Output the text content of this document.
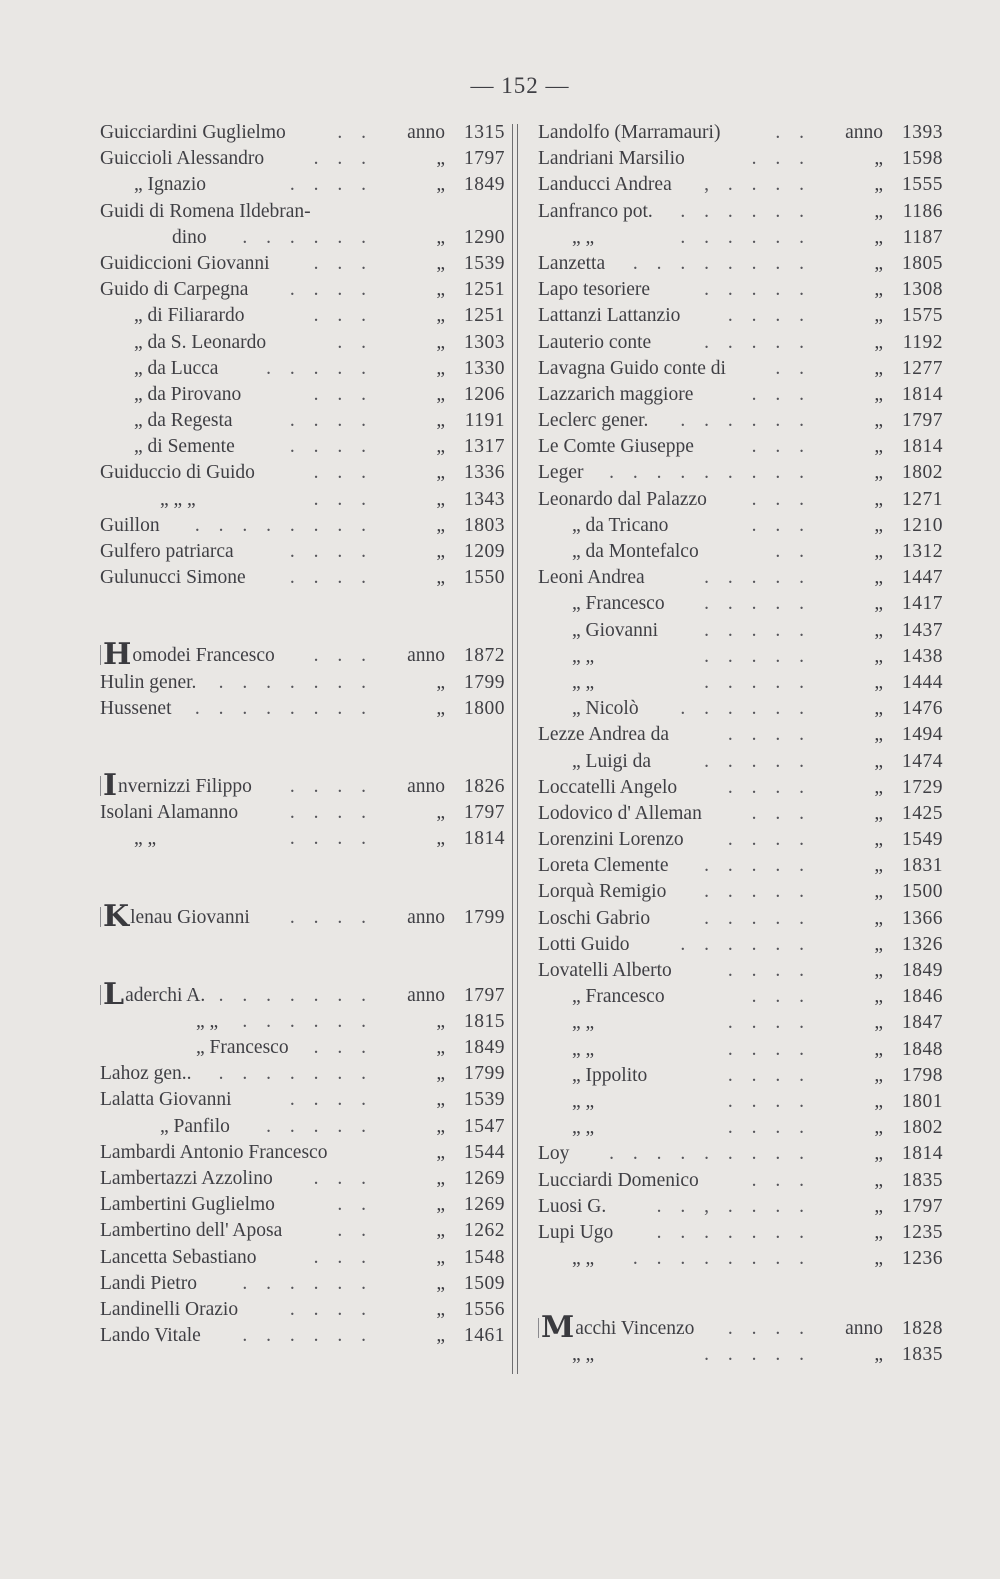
— 152 —
Guicciardini Guglielmo	. . anno 1315
Guiccioli Alessandro	. . .	„ 1797
„ Ignazio	. . . .	„ 1849
Guidi di Romena Ildebran-
dino . . . . . .	„ 1290
Guidiccioni Giovanni . . .	„ 1539
Guido di Carpegna . . . .	„ 1251
„ di Filiarardo	. . .	„ 1251
„ da S. Leonardo	. .	„ 1303
„ da Lucca . . . . .	„ 1330
„ da Pirovano	. . .	„ 1206
„ da Regesta	. . . .	„ 1191
„ di Semente	. . . .	„ 1317
Guiduccio di Guido	. . .	„ 1336
„ „ „	. . .	„ 1343
Guillon . . . . . . . .	„ 1803
Gulfero patriarca	. . . .	„ 1209
Gulunucci Simone . . . .	„ 1550
Homodei Francesco . . . anno 1872
Hulin gener. . . . . . . .	„ 1799
Hussenet . . . . . . . .	„ 1800
Invernizzi Filippo . . . . anno 1826
Isolani Alamanno	. . . .	„ 1797
„ „	. . . .	„ 1814
Klenau Giovanni . . . . anno 1799
Laderchi A. . . . . . . . anno 1797
„ „ . . . . . .	„ 1815
„ Francesco . . .	„ 1849
Lahoz gen.. . . . . . . .	„ 1799
Lalatta Giovanni	. . . .	„ 1539
„ Panfilo . . . . .	„ 1547
Lambardi Antonio Francesco	„ 1544
Lambertazzi Azzolino . . .	„ 1269
Lambertini Guglielmo	. .	„ 1269
Lambertino dell' Aposa	. .	„ 1262
Lancetta Sebastiano	. . .	„ 1548
Landi Pietro . . . . . .	„ 1509
Landinelli Orazio	. . . .	„ 1556
Lando Vitale . . . . . .	„ 1461
Landolfo (Marramauri)	. . anno 1393
Landriani Marsilio	. . .	„ 1598
Landucci Andrea , . . . .	„ 1555
Lanfranco pot. . . . . . .	„ 1186
„ „	. . . . . .	„ 1187
Lanzetta . . . . . . . .	„ 1805
Lapo tesoriere	. . . . .	„ 1308
Lattanzi Lattanzio . . . .	„ 1575
Lauterio conte	. . . . .	„ 1192
Lavagna Guido conte di	. .	„ 1277
Lazzarich maggiore	. . .	„ 1814
Leclerc gener. . . . . . .	„ 1797
Le Comte Giuseppe	. . .	„ 1814
Leger . . . . . . . . .	„ 1802
Leonardo dal Palazzo . . .	„ 1271
„ da Tricano	. . .	„ 1210
„ da Montefalco	. .	„ 1312
Leoni Andrea	. . . . .	„ 1447
„ Francesco . . . . .	„ 1417
„ Giovanni . . . . .	„ 1437
„ „	. . . . .	„ 1438
„ „	. . . . .	„ 1444
„ Nicolò . . . . . .	„ 1476
Lezze Andrea da	. . . .	„ 1494
„ Luigi da	. . . . .	„ 1474
Loccatelli Angelo	. . . .	„ 1729
Lodovico d' Alleman	. . .	„ 1425
Lorenzini Lorenzo . . . .	„ 1549
Loreta Clemente . . . . .	„ 1831
Lorquà Remigio . . . . .	„ 1500
Loschi Gabrio	. . . . .	„ 1366
Lotti Guido	. . . . . .	„ 1326
Lovatelli Alberto	. . . .	„ 1849
„ Francesco	. . .	„ 1846
„ „	. . . .	„ 1847
„ „	. . . .	„ 1848
„ Ippolito	. . . .	„ 1798
„ „	. . . .	„ 1801
„ „	. . . .	„ 1802
Loy . . . . . . . . .	„ 1814
Lucciardi Domenico	. . .	„ 1835
Luosi G.	. . , . . . .	„ 1797
Lupi Ugo . . . . . . .	„ 1235
„ „ . . . . . . . .	„ 1236
Macchi Vincenzo . . . . anno 1828
„ „	. . . . .	„ 1835
